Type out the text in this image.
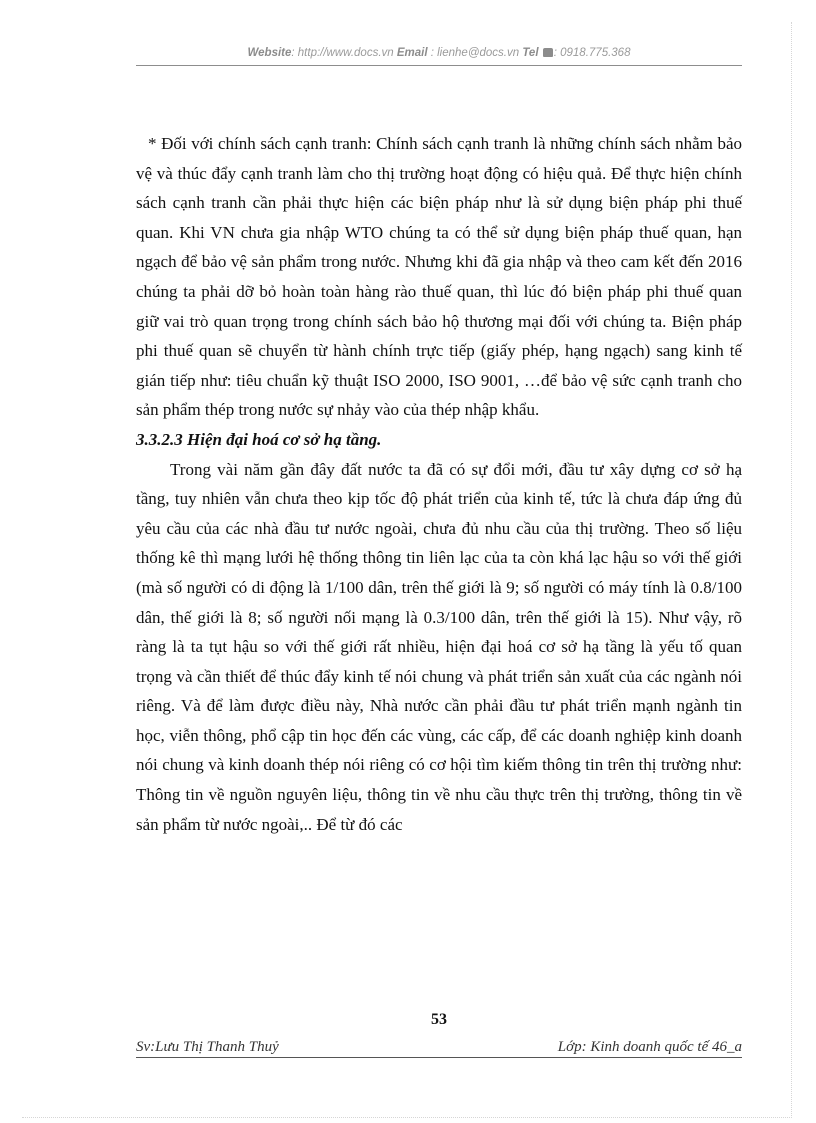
Website: http://www.docs.vn Email : lienhe@docs.vn Tel : 0918.775.368

* Đối với chính sách cạnh tranh: Chính sách cạnh tranh là những chính sách nhằm bảo vệ và thúc đẩy cạnh tranh làm cho thị trường hoạt động có hiệu quả. Để thực hiện chính sách cạnh tranh cần phải thực hiện các biện pháp như là sử dụng biện pháp phi thuế quan. Khi VN chưa gia nhập WTO chúng ta có thể sử dụng biện pháp thuế quan, hạn ngạch để bảo vệ sản phẩm trong nước. Nhưng khi đã gia nhập và theo cam kết đến 2016 chúng ta phải dỡ bỏ hoàn toàn hàng rào thuế quan, thì lúc đó biện pháp phi thuế quan giữ vai trò quan trọng trong chính sách bảo hộ thương mại đối với chúng ta. Biện pháp phi thuế quan sẽ chuyển từ hành chính trực tiếp (giấy phép, hạng ngạch) sang kinh tế gián tiếp như: tiêu chuẩn kỹ thuật ISO 2000, ISO 9001, …để bảo vệ sức cạnh tranh cho sản phẩm thép trong nước sự nhảy vào của thép nhập khẩu.

3.3.2.3 Hiện đại hoá cơ sở hạ tầng.

Trong vài năm gần đây đất nước ta đã có sự đổi mới, đầu tư xây dựng cơ sở hạ tầng, tuy nhiên vẫn chưa theo kịp tốc độ phát triển của kinh tế, tức là chưa đáp ứng đủ yêu cầu của các nhà đầu tư nước ngoài, chưa đủ nhu cầu của thị trường. Theo số liệu thống kê thì mạng lưới hệ thống thông tin liên lạc của ta còn khá lạc hậu so với thế giới (mà số người có di động là 1/100 dân, trên thế giới là 9; số người có máy tính là 0.8/100 dân, thế giới là 8; số người nối mạng là 0.3/100 dân, trên thế giới là 15). Như vậy, rõ ràng là ta tụt hậu so với thế giới rất nhiều, hiện đại hoá cơ sở hạ tầng là yếu tố quan trọng và cần thiết để thúc đẩy kinh tế nói chung và phát triển sản xuất của các ngành nói riêng. Và để làm được điều này, Nhà nước cần phải đầu tư phát triển mạnh ngành tin học, viễn thông, phổ cập tin học đến các vùng, các cấp, để các doanh nghiệp kinh doanh nói chung và kinh doanh thép nói riêng có cơ hội tìm kiếm thông tin trên thị trường như: Thông tin về nguồn nguyên liệu, thông tin về nhu cầu thực trên thị trường, thông tin về sản phẩm từ nước ngoài,.. Để từ đó các

53
Sv:Lưu Thị Thanh Thuỷ	Lớp: Kinh doanh quốc tế 46_a
